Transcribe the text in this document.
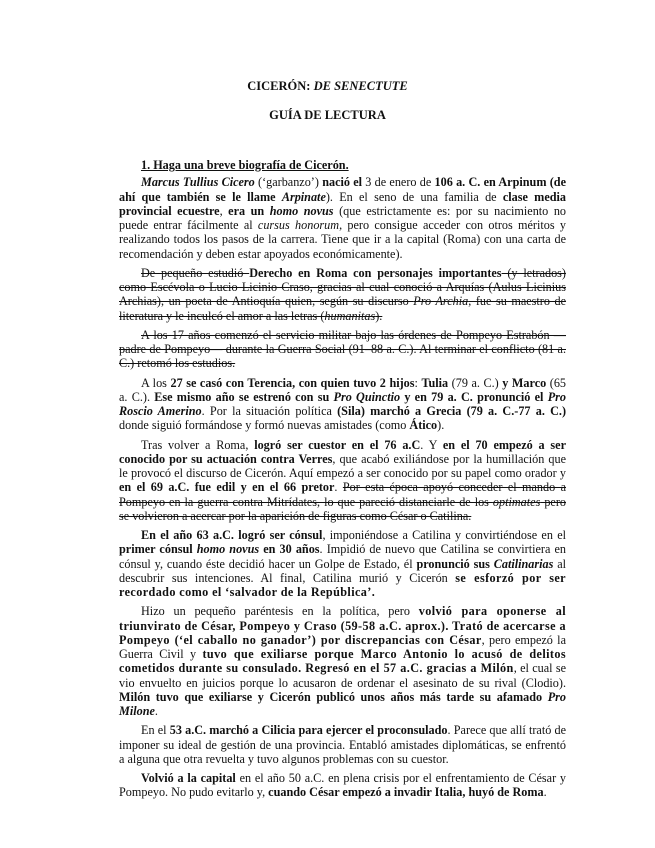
CICERÓN: DE SENECTUTE
GUÍA DE LECTURA

1. Haga una breve biografía de Cicerón.

Marcus Tullius Cicero (‘garbanzo’) nació el 3 de enero de 106 a. C. en Arpinum (de ahí que también se le llame Arpinate). En el seno de una familia de clase media provincial ecuestre, era un homo novus (que estrictamente es: por su nacimiento no puede entrar fácilmente al cursus honorum, pero consigue acceder con otros méritos y realizando todos los pasos de la carrera. Tiene que ir a la capital (Roma) con una carta de recomendación y deben estar apoyados económicamente).

De pequeño estudió Derecho en Roma con personajes importantes (y letrados) como Escévola o Lucio Licinio Craso, gracias al cual conoció a Arquías (Aulus Licinius Archias), un poeta de Antioquía quien, según su discurso Pro Archia, fue su maestro de literatura y le inculcó el amor a las letras (humanitas).

A los 17 años comenzó el servicio militar bajo las órdenes de Pompeyo Estrabón —padre de Pompeyo— durante la Guerra Social (91–88 a. C.). Al terminar el conflicto (81 a. C.) retomó los estudios.

A los 27 se casó con Terencia, con quien tuvo 2 hijos: Tulia (79 a. C.) y Marco (65 a. C.). Ese mismo año se estrenó con su Pro Quinctio y en 79 a. C. pronunció el Pro Roscio Amerino. Por la situación política (Sila) marchó a Grecia (79 a. C.-77 a. C.) donde siguió formándose y formó nuevas amistades (como Ático).

Tras volver a Roma, logró ser cuestor en el 76 a.C. Y en el 70 empezó a ser conocido por su actuación contra Verres, que acabó exiliándose por la humillación que le provocó el discurso de Cicerón. Aquí empezó a ser conocido por su papel como orador y en el 69 a.C. fue edil y en el 66 pretor. Por esta época apoyó conceder el mando a Pompeyo en la guerra contra Mitrídates, lo que pareció distanciarle de los optimates pero se volvieron a acercar por la aparición de figuras como César o Catilina.

En el año 63 a.C. logró ser cónsul, imponiéndose a Catilina y convirtiéndose en el primer cónsul homo novus en 30 años. Impidió de nuevo que Catilina se convirtiera en cónsul y, cuando éste decidió hacer un Golpe de Estado, él pronunció sus Catilinarias al descubrir sus intenciones. Al final, Catilina murió y Cicerón se esforzó por ser recordado como el ‘salvador de la República’.

Hizo un pequeño paréntesis en la política, pero volvió para oponerse al triunvirato de César, Pompeyo y Craso (59-58 a.C. aprox.). Trató de acercarse a Pompeyo (‘el caballo no ganador’) por discrepancias con César, pero empezó la Guerra Civil y tuvo que exiliarse porque Marco Antonio lo acusó de delitos cometidos durante su consulado. Regresó en el 57 a.C. gracias a Milón, el cual se vio envuelto en juicios porque lo acusaron de ordenar el asesinato de su rival (Clodio). Milón tuvo que exiliarse y Cicerón publicó unos años más tarde su afamado Pro Milone.

En el 53 a.C. marchó a Cilicia para ejercer el proconsulado. Parece que allí trató de imponer su ideal de gestión de una provincia. Entabló amistades diplomáticas, se enfrentó a alguna que otra revuelta y tuvo algunos problemas con su cuestor.

Volvió a la capital en el año 50 a.C. en plena crisis por el enfrentamiento de César y Pompeyo. No pudo evitarlo y, cuando César empezó a invadir Italia, huyó de Roma.
